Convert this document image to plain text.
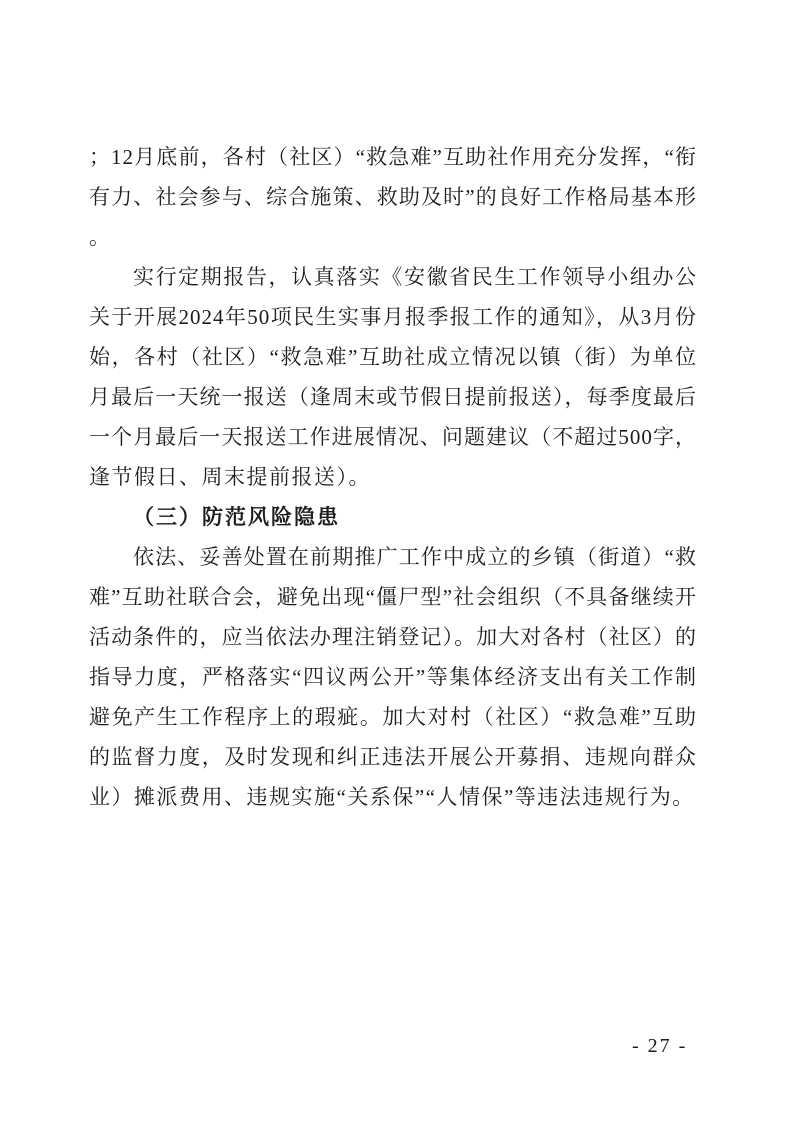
；12月底前，各村（社区）“救急难”互助社作用充分发挥，“衔
有力、社会参与、综合施策、救助及时”的良好工作格局基本形
。
实行定期报告，认真落实《安徽省民生工作领导小组办公
关于开展2024年50项民生实事月报季报工作的通知》，从3月份
始，各村（社区）“救急难”互助社成立情况以镇（街）为单位
月最后一天统一报送（逢周末或节假日提前报送），每季度最后
一个月最后一天报送工作进展情况、问题建议（不超过500字，
逢节假日、周末提前报送）。
（三）防范风险隐患
依法、妥善处置在前期推广工作中成立的乡镇（街道）“救
难”互助社联合会，避免出现“僵尸型”社会组织（不具备继续开
活动条件的，应当依法办理注销登记）。加大对各村（社区）的
指导力度，严格落实“四议两公开”等集体经济支出有关工作制
避免产生工作程序上的瑕疵。加大对村（社区）“救急难”互助
的监督力度，及时发现和纠正违法开展公开募捐、违规向群众
业）摊派费用、违规实施“关系保”“人情保”等违法违规行为。
- 27 -
